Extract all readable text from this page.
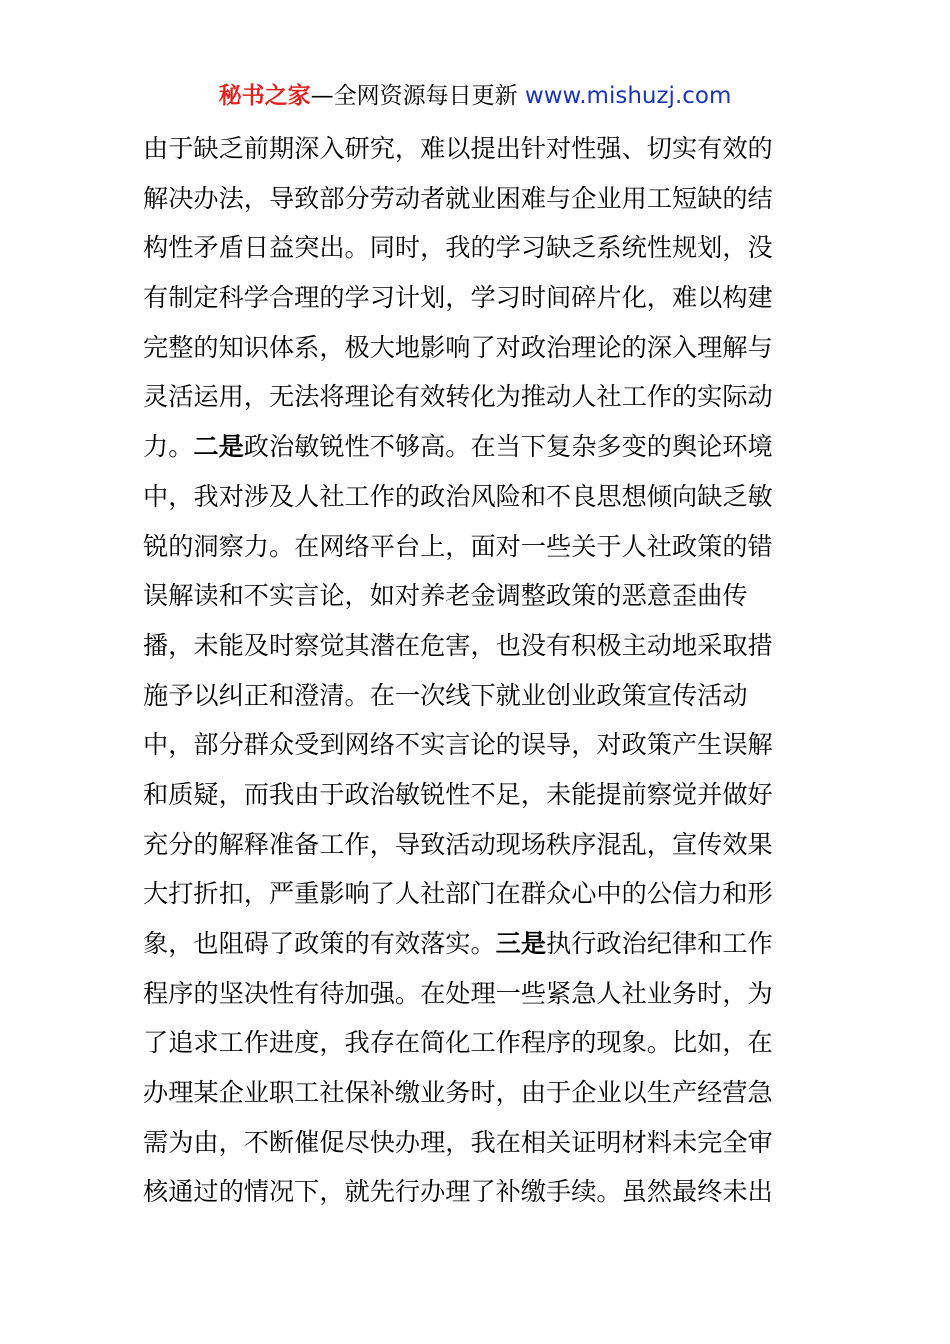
秘书之家—全网资源每日更新 www.mishuzj.com
由于缺乏前期深入研究，难以提出针对性强、切实有效的
解决办法，导致部分劳动者就业困难与企业用工短缺的结
构性矛盾日益突出。同时，我的学习缺乏系统性规划，没
有制定科学合理的学习计划，学习时间碎片化，难以构建
完整的知识体系，极大地影响了对政治理论的深入理解与
灵活运用，无法将理论有效转化为推动人社工作的实际动
力。二是政治敏锐性不够高。在当下复杂多变的舆论环境
中，我对涉及人社工作的政治风险和不良思想倾向缺乏敏
锐的洞察力。在网络平台上，面对一些关于人社政策的错
误解读和不实言论，如对养老金调整政策的恶意歪曲传
播，未能及时察觉其潜在危害，也没有积极主动地采取措
施予以纠正和澄清。在一次线下就业创业政策宣传活动
中，部分群众受到网络不实言论的误导，对政策产生误解
和质疑，而我由于政治敏锐性不足，未能提前察觉并做好
充分的解释准备工作，导致活动现场秩序混乱，宣传效果
大打折扣，严重影响了人社部门在群众心中的公信力和形
象，也阻碍了政策的有效落实。三是执行政治纪律和工作
程序的坚决性有待加强。在处理一些紧急人社业务时，为
了追求工作进度，我存在简化工作程序的现象。比如，在
办理某企业职工社保补缴业务时，由于企业以生产经营急
需为由，不断催促尽快办理，我在相关证明材料未完全审
核通过的情况下，就先行办理了补缴手续。虽然最终未出
